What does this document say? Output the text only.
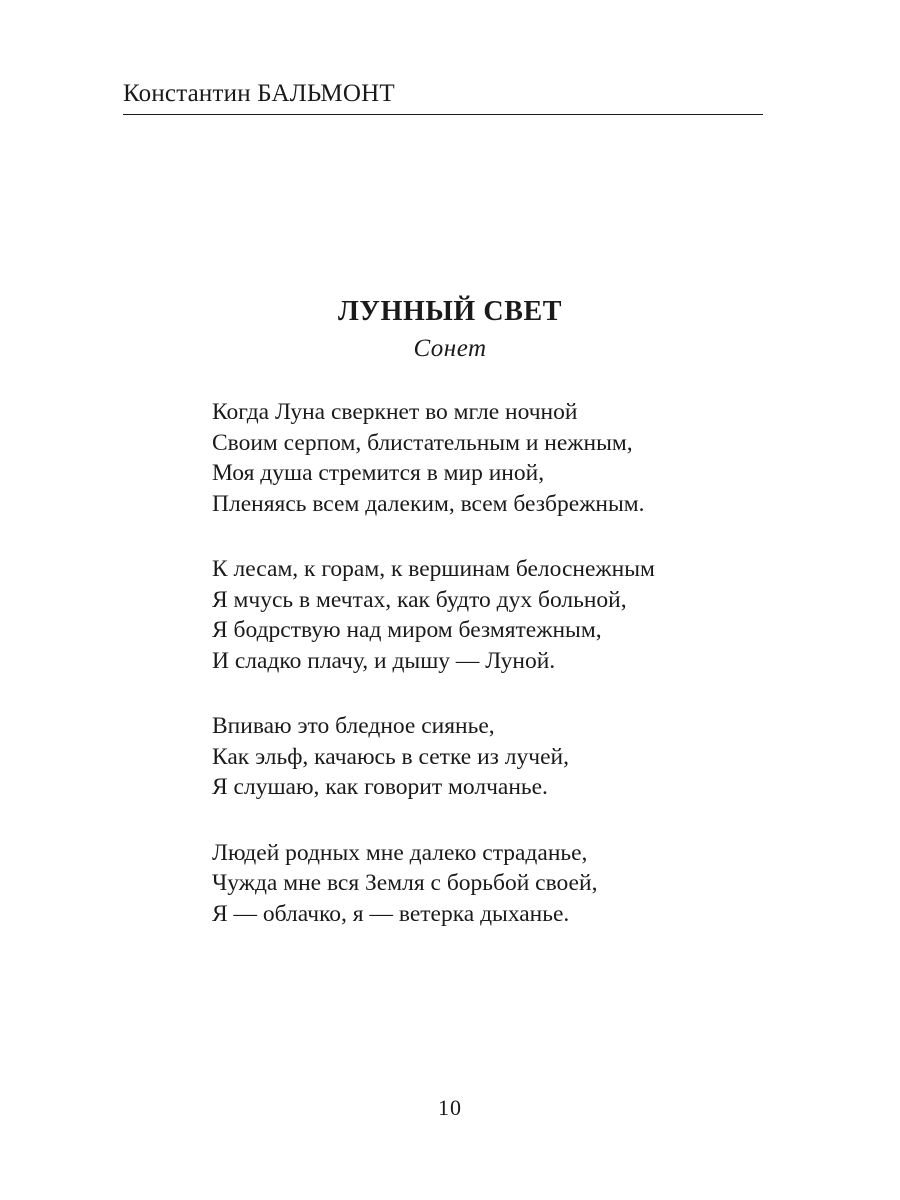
Константин БАЛЬМОНТ
ЛУННЫЙ СВЕТ
Сонет
Когда Луна сверкнет во мгле ночной
Своим серпом, блистательным и нежным,
Моя душа стремится в мир иной,
Пленяясь всем далеким, всем безбрежным.
К лесам, к горам, к вершинам белоснежным
Я мчусь в мечтах, как будто дух больной,
Я бодрствую над миром безмятежным,
И сладко плачу, и дышу — Луной.
Впиваю это бледное сиянье,
Как эльф, качаюсь в сетке из лучей,
Я слушаю, как говорит молчанье.
Людей родных мне далеко страданье,
Чужда мне вся Земля с борьбой своей,
Я — облачко, я — ветерка дыханье.
10
